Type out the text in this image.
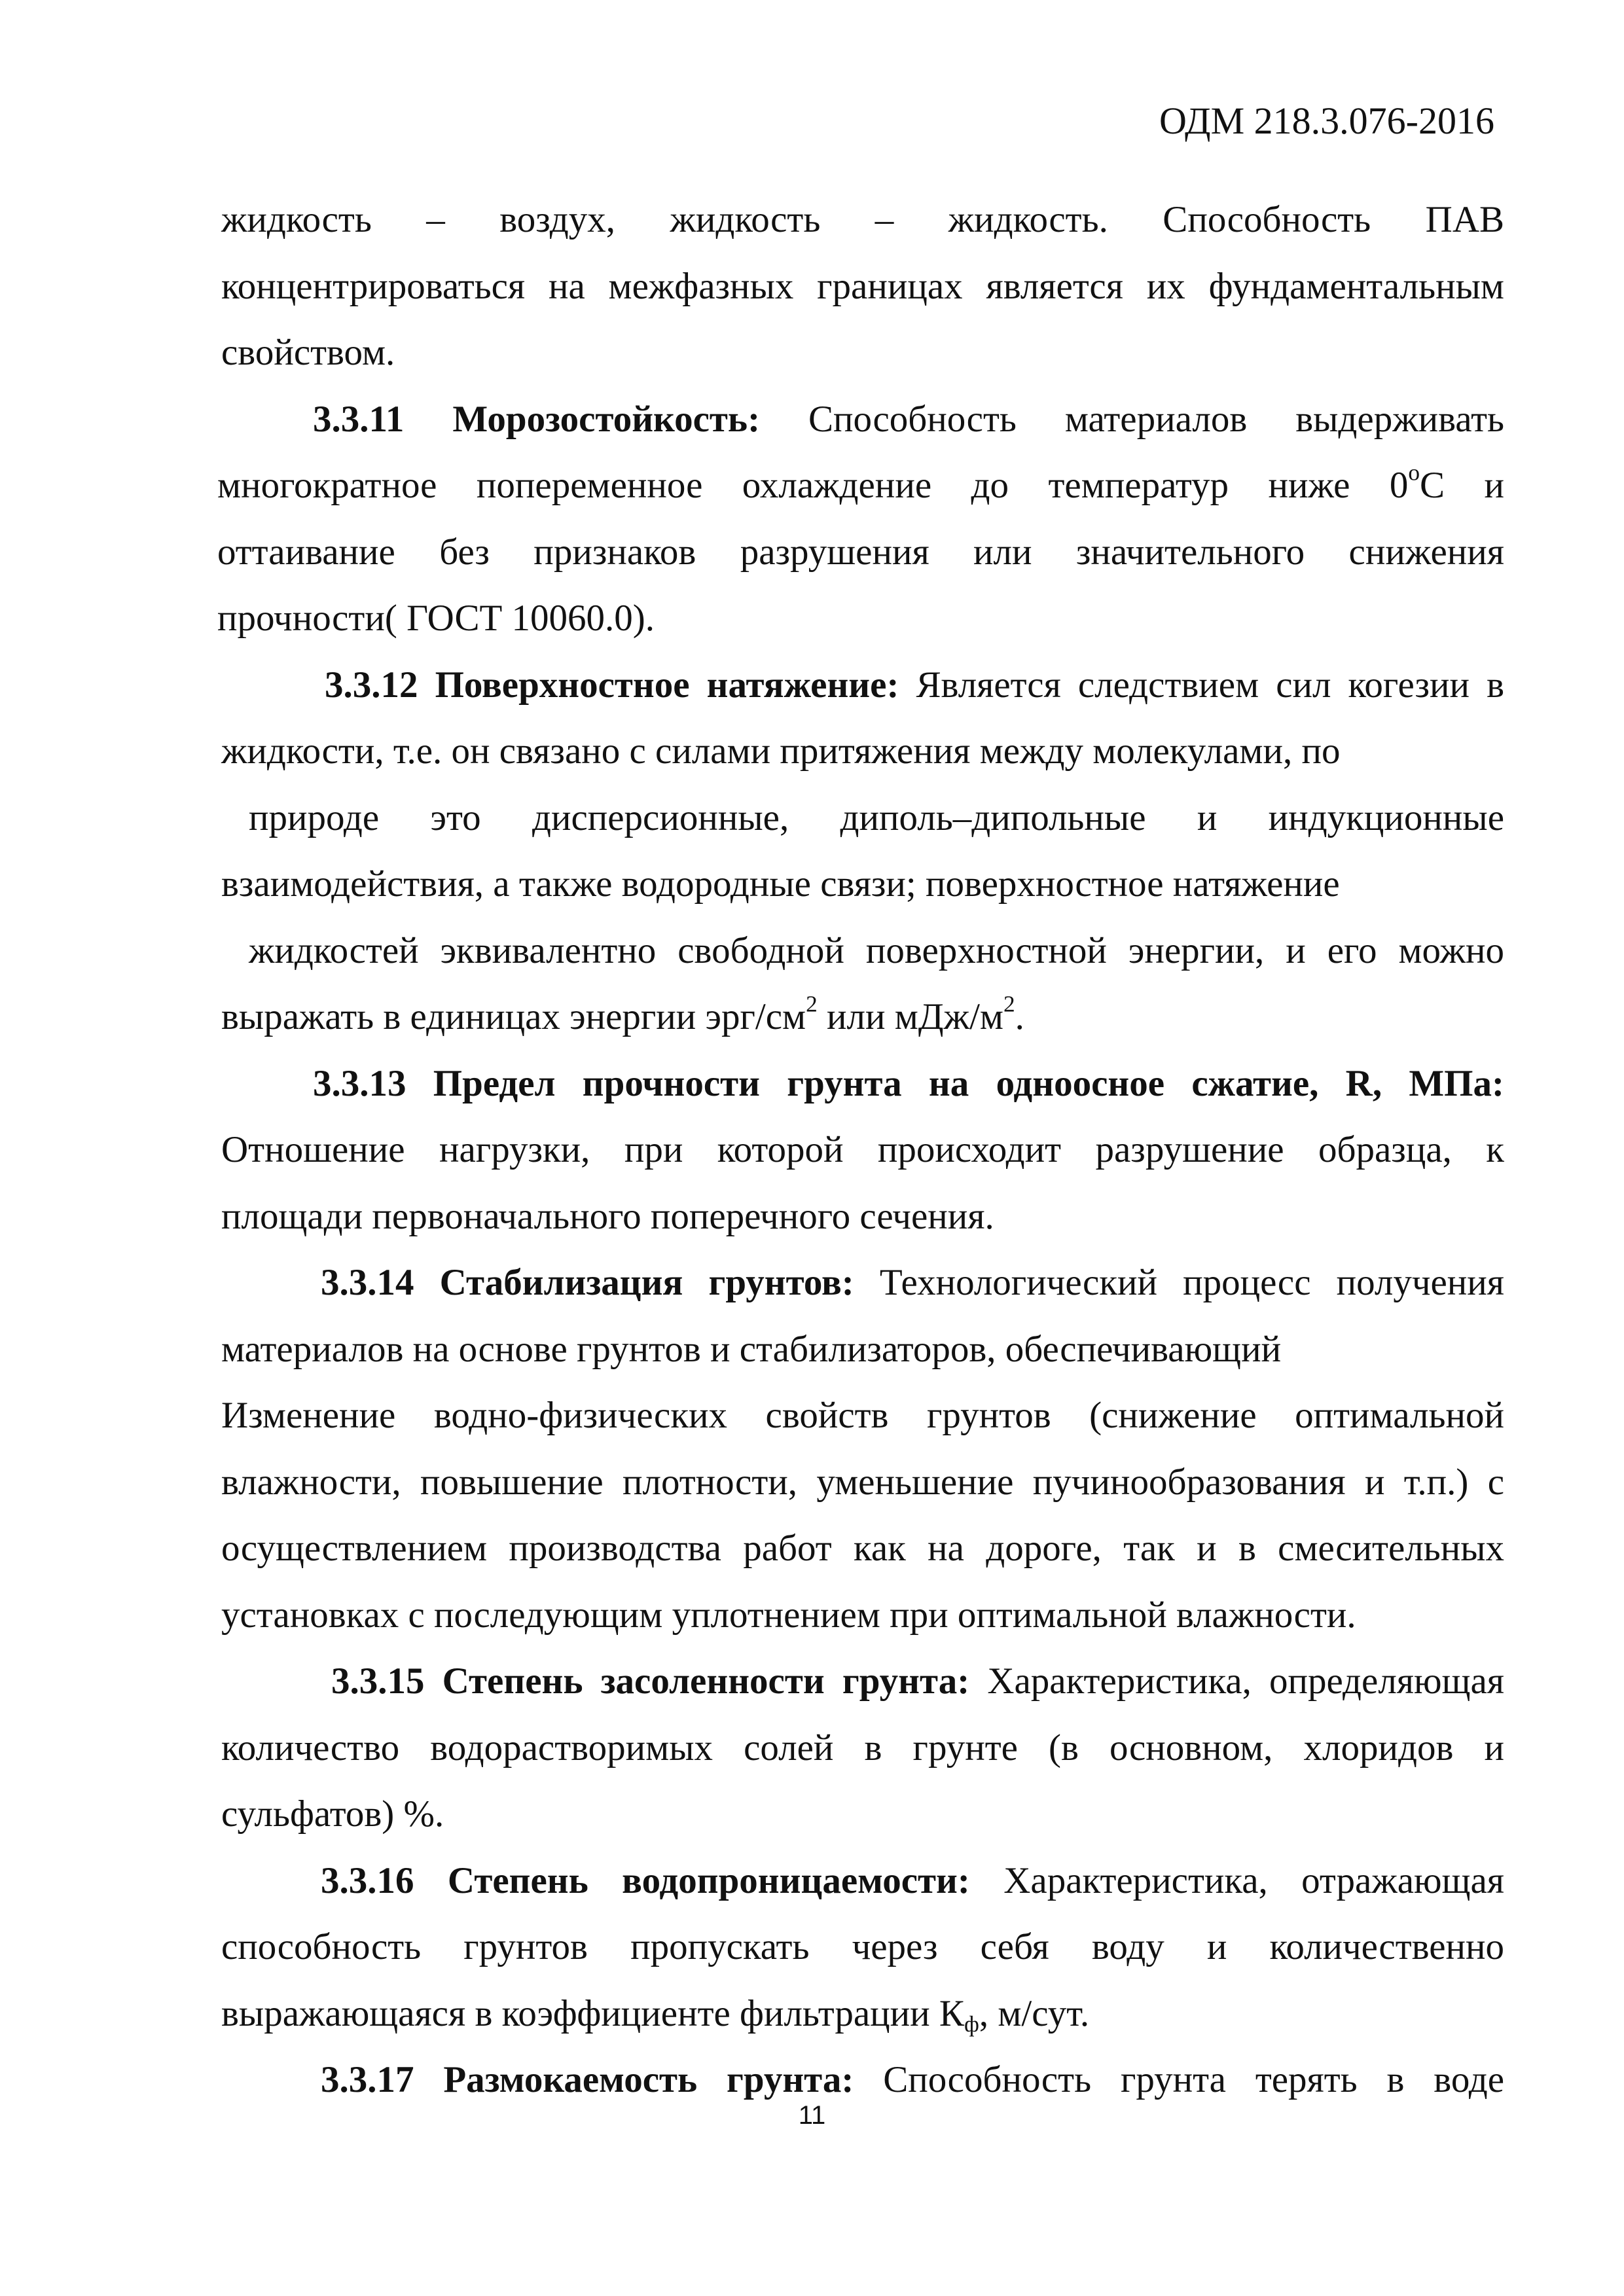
ОДМ 218.3.076-2016

жидкость – воздух, жидкость – жидкость. Способность ПАВ
концентрироваться на межфазных границах является их фундаментальным
свойством.

3.3.11 Морозостойкость: Способность материалов выдерживать
многократное попеременное охлаждение до температур ниже $0^оС$ и
оттаивание без признаков разрушения или значительного снижения
прочности( ГОСТ 10060.0).

3.3.12 Поверхностное натяжение: Является следствием сил когезии в
жидкости, т.е. он связано с силами притяжения между молекулами, по
природе это дисперсионные, диполь–дипольные и индукционные
взаимодействия, а также водородные связи; поверхностное натяжение
жидкостей эквивалентно свободной поверхностной энергии, и его можно
выражать в единицах энергии эрг/$см^2$ или мДж/$м^2$.

3.3.13 Предел прочности грунта на одноосное сжатие, R, МПа:
Отношение нагрузки, при которой происходит разрушение образца, к
площади первоначального поперечного сечения.

3.3.14 Стабилизация грунтов: Технологический процесс получения
материалов на основе грунтов и стабилизаторов, обеспечивающий
Изменение водно-физических свойств грунтов (снижение оптимальной
влажности, повышение плотности, уменьшение пучинообразования и т.п.) с
осуществлением производства работ как на дороге, так и в смесительных
установках с последующим уплотнением при оптимальной влажности.

3.3.15 Степень засоленности грунта: Характеристика, определяющая
количество водорастворимых солей в грунте (в основном, хлоридов и
сульфатов) %.

3.3.16 Степень водопроницаемости: Характеристика, отражающая
способность грунтов пропускать через себя воду и количественно
выражающаяся в коэффициенте фильтрации $К_ф$, м/сут.

3.3.17 Размокаемость грунта: Способность грунта терять в воде

11
